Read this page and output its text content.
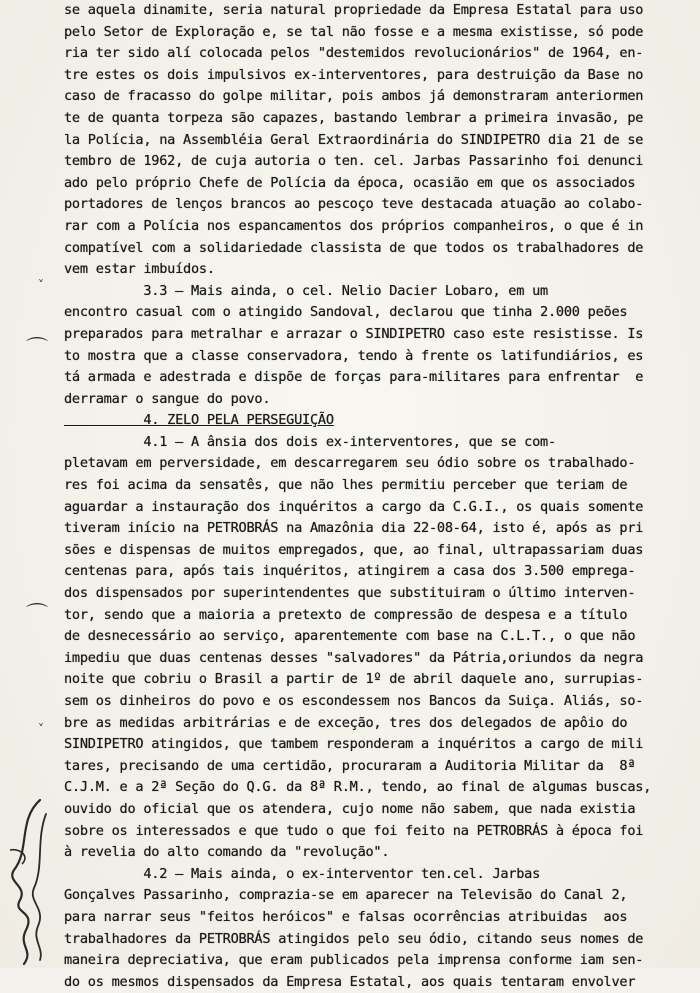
˅
⌒
⌒
˅
se aquela dinamite, seria natural propriedade da Empresa Estatal para uso
pelo Setor de Exploração e, se tal não fosse e a mesma existisse, só pode
ria ter sido alí colocada pelos "destemidos revolucionários" de 1964, en-
tre estes os dois impulsivos ex-interventores, para destruição da Base no
caso de fracasso do golpe militar, pois ambos já demonstraram anteriormen
te de quanta torpeza são capazes, bastando lembrar a primeira invasão, pe
la Polícia, na Assembléia Geral Extraordinária do SINDIPETRO dia 21 de se
tembro de 1962, de cuja autoria o ten. cel. Jarbas Passarinho foi denunci
ado pelo próprio Chefe de Polícia da época, ocasião em que os associados
portadores de lenços brancos ao pescoço teve destacada atuação ao colabo-
rar com a Polícia nos espancamentos dos próprios companheiros, o que é in
compatível com a solidariedade classista de que todos os trabalhadores de
vem estar imbuídos.
3.3 — Mais ainda, o cel. Nelio Dacier Lobaro, em um
encontro casual com o atingido Sandoval, declarou que tinha 2.000 peões
preparados para metralhar e arrazar o SINDIPETRO caso este resistisse. Is
to mostra que a classe conservadora, tendo à frente os latifundiários, es
tá armada e adestrada e dispõe de forças para-militares para enfrentar  e
derramar o sangue do povo.
4. ZELO PELA PERSEGUIÇÃO
4.1 — A ânsia dos dois ex-interventores, que se com-
pletavam em perversidade, em descarregarem seu ódio sobre os trabalhado-
res foi acima da sensatês, que não lhes permitiu perceber que teriam de
aguardar a instauração dos inquéritos a cargo da C.G.I., os quais somente
tiveram início na PETROBRÁS na Amazônia dia 22-08-64, isto é, após as pri
sões e dispensas de muitos empregados, que, ao final, ultrapassariam duas
centenas para, após tais inquéritos, atingirem a casa dos 3.500 emprega-
dos dispensados por superintendentes que substituiram o último interven-
tor, sendo que a maioria a pretexto de compressão de despesa e a título
de desnecessário ao serviço, aparentemente com base na C.L.T., o que não
impediu que duas centenas desses "salvadores" da Pátria,oriundos da negra
noite que cobriu o Brasil a partir de 1º de abril daquele ano, surrupias-
sem os dinheiros do povo e os escondessem nos Bancos da Suiça. Aliás, so-
bre as medidas arbitrárias e de exceção, tres dos delegados de apôio do
SINDIPETRO atingidos, que tambem responderam a inquéritos a cargo de mili
tares, precisando de uma certidão, procuraram a Auditoria Militar da  8ª
C.J.M. e a 2ª Seção do Q.G. da 8ª R.M., tendo, ao final de algumas buscas,
ouvido do oficial que os atendera, cujo nome não sabem, que nada existia
sobre os interessados e que tudo o que foi feito na PETROBRÁS à época foi
à revelia do alto comando da "revolução".
4.2 — Mais ainda, o ex-interventor ten.cel. Jarbas
Gonçalves Passarinho, comprazia-se em aparecer na Televisão do Canal 2,
para narrar seus "feitos heróicos" e falsas ocorrências atribuidas  aos
trabalhadores da PETROBRÁS atingidos pelo seu ódio, citando seus nomes de
maneira depreciativa, que eram publicados pela imprensa conforme iam sen-
do os mesmos dispensados da Empresa Estatal, aos quais tentaram envolver
